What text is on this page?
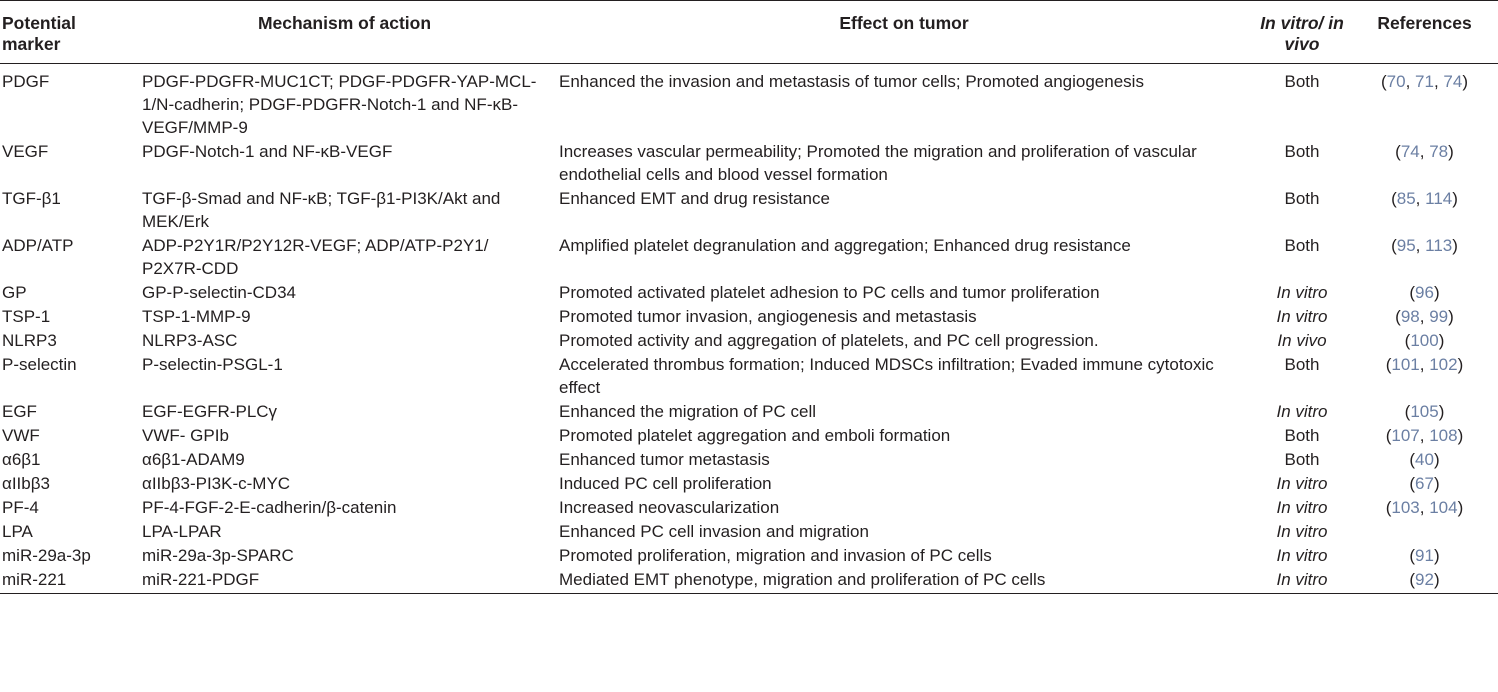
Potential marker	Mechanism of action	Effect on tumor	In vitro/ in vivo	References
PDGF	PDGF-PDGFR-MUC1CT; PDGF-PDGFR-YAP-MCL-1/N-cadherin; PDGF-PDGFR-Notch-1 and NF-κB-VEGF/MMP-9	Enhanced the invasion and metastasis of tumor cells; Promoted angiogenesis	Both	(70, 71, 74)
VEGF	PDGF-Notch-1 and NF-κB-VEGF	Increases vascular permeability; Promoted the migration and proliferation of vascular endothelial cells and blood vessel formation	Both	(74, 78)
TGF-β1	TGF-β-Smad and NF-κB; TGF-β1-PI3K/Akt and MEK/Erk	Enhanced EMT and drug resistance	Both	(85, 114)
ADP/ATP	ADP-P2Y1R/P2Y12R-VEGF; ADP/ATP-P2Y1/ P2X7R-CDD	Amplified platelet degranulation and aggregation; Enhanced drug resistance	Both	(95, 113)
GP	GP-P-selectin-CD34	Promoted activated platelet adhesion to PC cells and tumor proliferation	In vitro	(96)
TSP-1	TSP-1-MMP-9	Promoted tumor invasion, angiogenesis and metastasis	In vitro	(98, 99)
NLRP3	NLRP3-ASC	Promoted activity and aggregation of platelets, and PC cell progression.	In vivo	(100)
P-selectin	P-selectin-PSGL-1	Accelerated thrombus formation; Induced MDSCs infiltration; Evaded immune cytotoxic effect	Both	(101, 102)
EGF	EGF-EGFR-PLCγ	Enhanced the migration of PC cell	In vitro	(105)
VWF	VWF- GPIb	Promoted platelet aggregation and emboli formation	Both	(107, 108)
α6β1	α6β1-ADAM9	Enhanced tumor metastasis	Both	(40)
αIIbβ3	αIIbβ3-PI3K-c-MYC	Induced PC cell proliferation	In vitro	(67)
PF-4	PF-4-FGF-2-E-cadherin/β-catenin	Increased neovascularization	In vitro	(103, 104)
LPA	LPA-LPAR	Enhanced PC cell invasion and migration	In vitro	
miR-29a-3p	miR-29a-3p-SPARC	Promoted proliferation, migration and invasion of PC cells	In vitro	(91)
miR-221	miR-221-PDGF	Mediated EMT phenotype, migration and proliferation of PC cells	In vitro	(92)
